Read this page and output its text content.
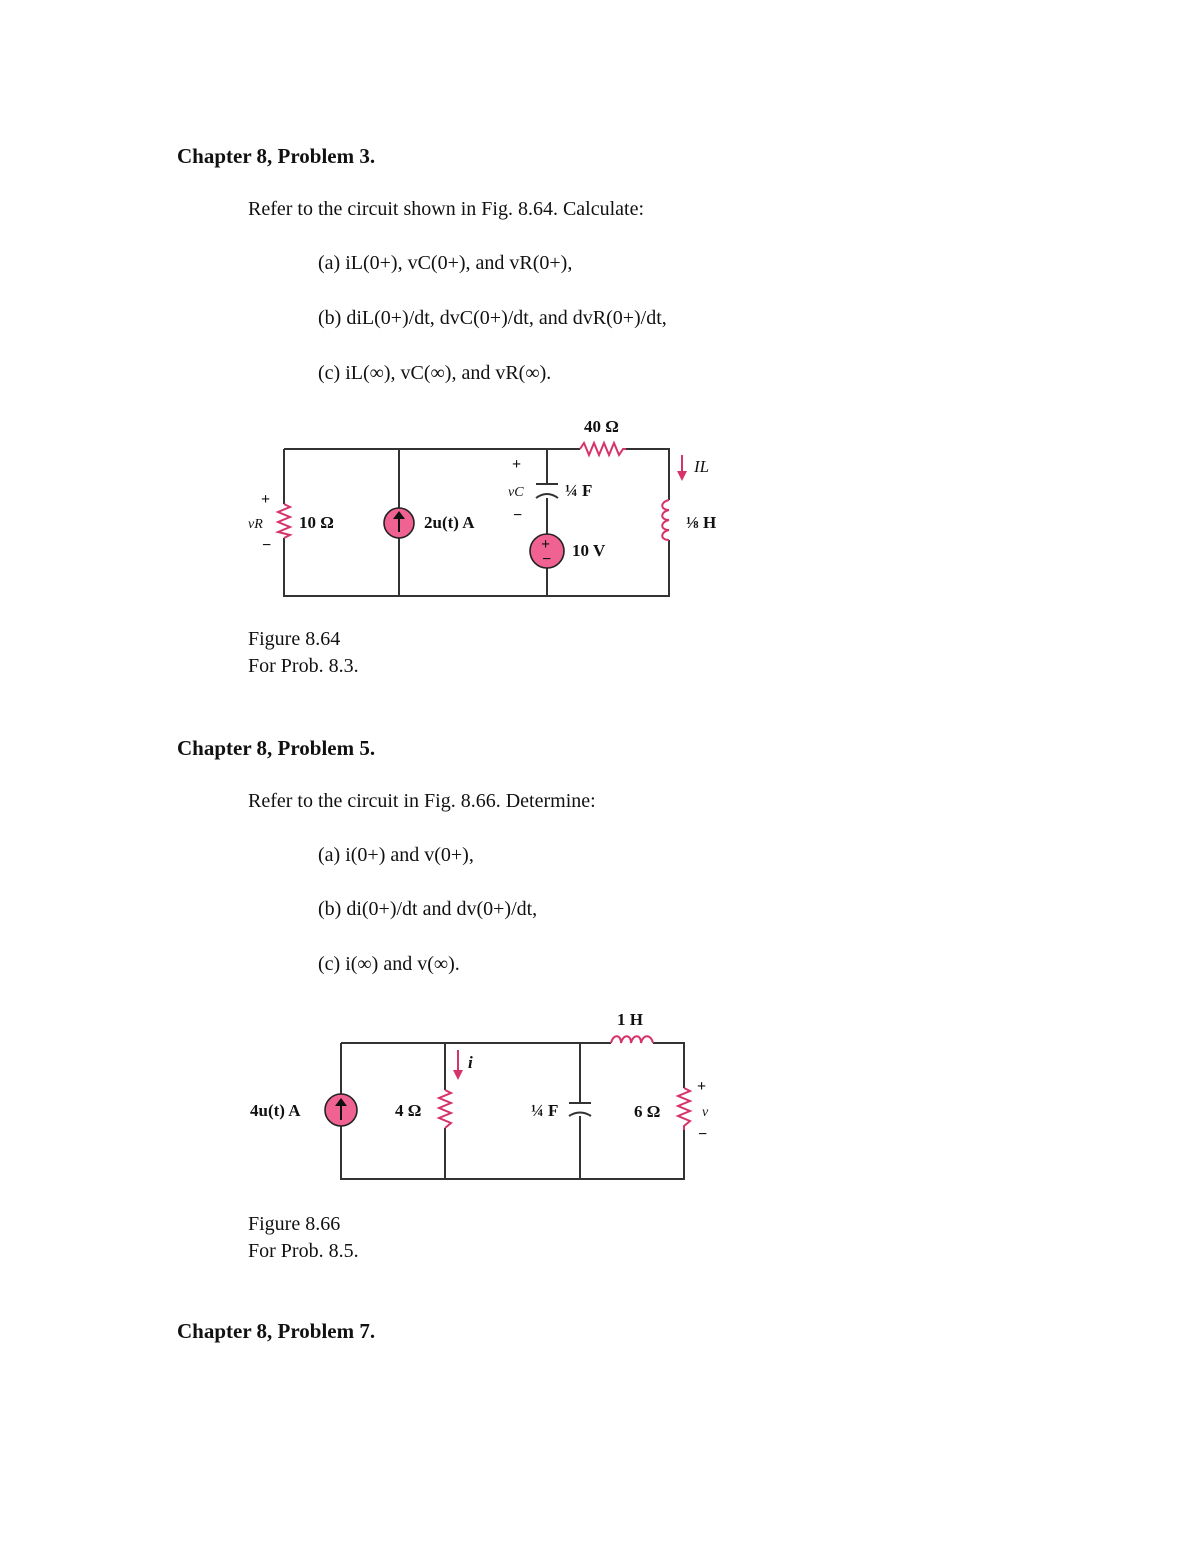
Chapter 8, Problem 3.
Refer to the circuit shown in Fig. 8.64. Calculate:
(a) iL(0+), vC(0+), and vR(0+),
(b) diL(0+)/dt, dvC(0+)/dt, and dvR(0+)/dt,
(c) iL(∞), vC(∞), and vR(∞).
+
−
40 Ω
10 Ω	2u(t) A
¼ F
10 V
⅛ H
IL
vR
+
−
vC
+
−
Figure 8.64
For Prob. 8.3.
Chapter 8, Problem 5.
Refer to the circuit in Fig. 8.66. Determine:
(a) i(0+) and v(0+),
(b) di(0+)/dt and dv(0+)/dt,
(c) i(∞) and v(∞).
4u(t) A	4 Ω	¼ F
1 H
6 Ω
i
v
+
−
Figure 8.66
For Prob. 8.5.
Chapter 8, Problem 7.
